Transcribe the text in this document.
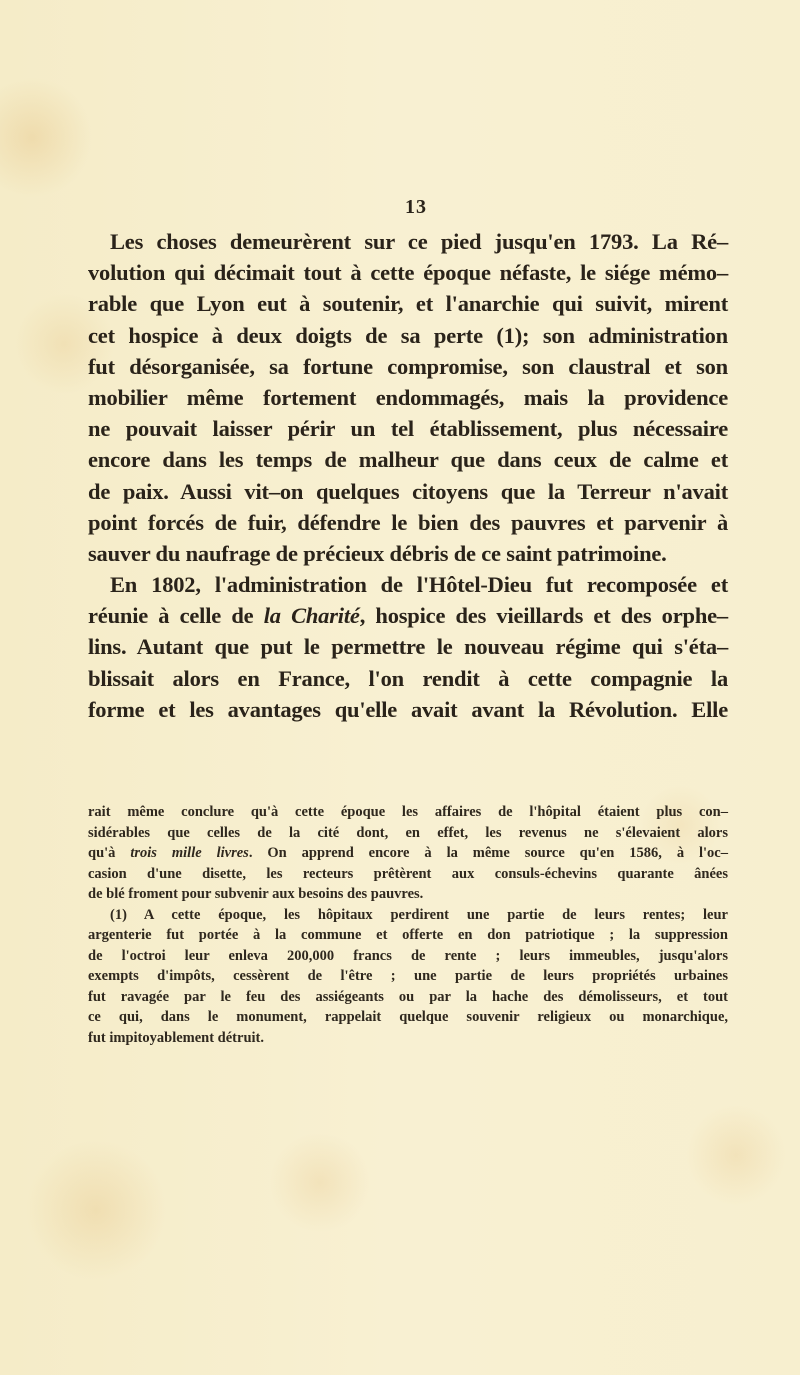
13
Les choses demeurèrent sur ce pied jusqu'en 1793. La Ré–
volution qui décimait tout à cette époque néfaste, le siége mémo–
rable que Lyon eut à soutenir, et l'anarchie qui suivit, mirent
cet hospice à deux doigts de sa perte (1); son administration
fut désorganisée, sa fortune compromise, son claustral et son
mobilier même fortement endommagés, mais la providence
ne pouvait laisser périr un tel établissement, plus nécessaire
encore dans les temps de malheur que dans ceux de calme et
de paix. Aussi vit–on quelques citoyens que la Terreur n'avait
point forcés de fuir, défendre le bien des pauvres et parvenir à
sauver du naufrage de précieux débris de ce saint patrimoine.
En 1802, l'administration de l'Hôtel-Dieu fut recomposée et
réunie à celle de la Charité, hospice des vieillards et des orphe–
lins. Autant que put le permettre le nouveau régime qui s'éta–
blissait alors en France, l'on rendit à cette compagnie la
forme et les avantages qu'elle avait avant la Révolution. Elle
rait même conclure qu'à cette époque les affaires de l'hôpital étaient plus con–
sidérables que celles de la cité dont, en effet, les revenus ne s'élevaient alors
qu'à trois mille livres. On apprend encore à la même source qu'en 1586, à l'oc–
casion d'une disette, les recteurs prêtèrent aux consuls-échevins quarante ânées
de blé froment pour subvenir aux besoins des pauvres.
(1) A cette époque, les hôpitaux perdirent une partie de leurs rentes; leur
argenterie fut portée à la commune et offerte en don patriotique ; la suppression
de l'octroi leur enleva 200,000 francs de rente ; leurs immeubles, jusqu'alors
exempts d'impôts, cessèrent de l'être ; une partie de leurs propriétés urbaines
fut ravagée par le feu des assiégeants ou par la hache des démolisseurs, et tout
ce qui, dans le monument, rappelait quelque souvenir religieux ou monarchique,
fut impitoyablement détruit.
